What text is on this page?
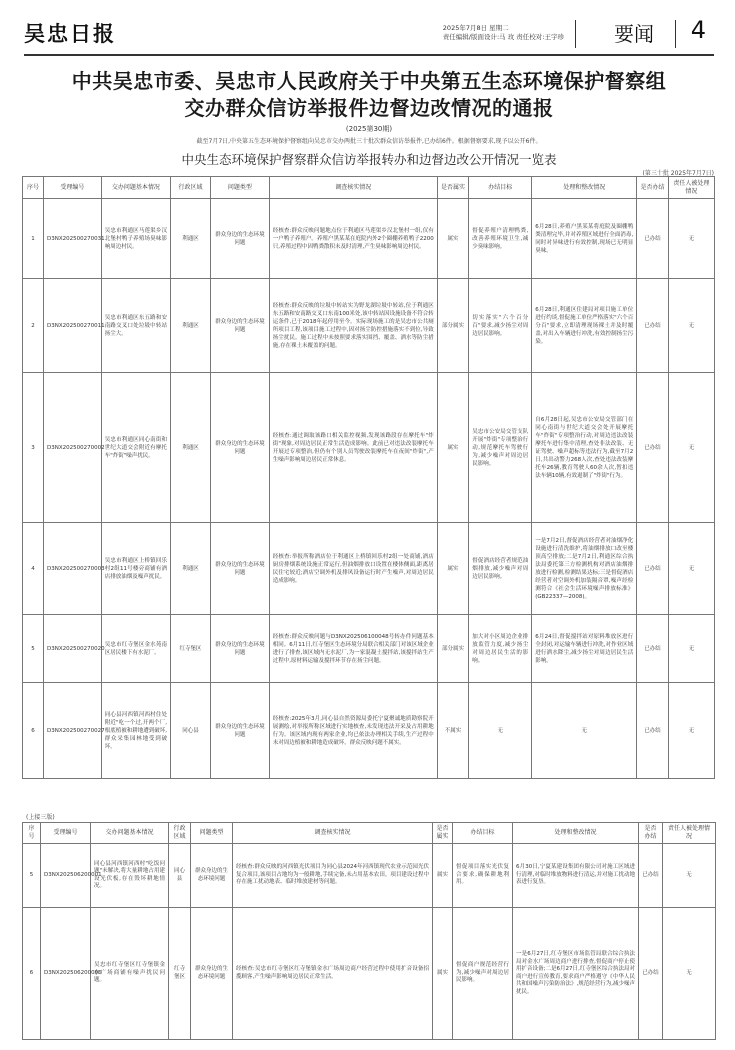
吴忠日报	2025年7月8日 星期二
责任编辑/版面设计:马 玫 责任校对:王宇珍	要闻 4
中共吴忠市委、吴忠市人民政府关于中央第五生态环境保护督察组
交办群众信访举报件边督边改情况的通报
(2025第30期)
截至7月7日,中央第五生态环境保护督察组向吴忠市交办两批三十批次群众信访举报件,已办结6件。根据督察要求,现予以公开6件。
中央生态环境保护督察群众信访举报转办和边督边改公开情况一览表
(第三十批 2025年7月7日)
序号	受理编号	交办问题基本情况	行政区域	问题类型	调查核实情况	是否属实	办结目标	处理和整改情况	是否办结	责任人被处理情况
1	D3NX202500270031	吴忠市利通区马莲渠乡汉北堡村鸭子养殖场臭味影响周边村民。	利通区	群众身边的生态环境问题	经核查:群众反映问题地点位于利通区马莲渠乡汉北堡村一组,仅有一户鸭子养殖户。养殖户黑某某在庭院内外2个圈棚养殖鸭子2200只,养殖过程中因鸭粪散积未及时清理,产生臭味影响周边村民。	属实	督促养殖户清理鸭粪,改善养殖环境卫生,减少臭味影响。	6月28日,养殖户黑某某将庭院及圈棚鸭粪清理完毕,并对养殖区域进行全面消毒,同时对异味进行有效控制,现场已无明显臭味。	已办结	无
2	D3NX202500270011	吴忠市利通区东五路和安南路交叉口处垃圾中转站扬尘大。	利通区	群众身边的生态环境问题	经核查:群众反映的垃圾中转站实为野龙湖垃圾中转站,位于利通区东五路和安南路交叉口东南100米处,该中转站因设施设备不符合转运条件,已于2018年起停用至今。实际现场施工的是吴忠市公共厕所项目工程,该项目施工过程中,因对扬尘防控措施落实不到位,导致扬尘扰民。施工过程中未按照要求落实围挡、覆盖、洒水等防尘措施,存在裸土未覆盖的问题。	部分属实	切实落实"六个百分百"要求,减少扬尘对周边居民影响。	6月28日,利通区住建局对项目施工单位进行约谈,督促施工单位严格落实"六个百分百"要求,立即清理现场裸土并及时覆盖,对出入车辆进行冲洗,有效控制扬尘污染。	已办结	无
3	D3NX202500270002	吴忠市利通区同心南街和世纪大道交会附近有摩托车"炸街"噪声扰民。	利通区	群众身边的生态环境问题	经核查:通过调取该路口相关监控视频,发现该路段存在摩托车"炸街"现象,对周边居民正常生活造成影响。此前已对违法改装摩托车开展过专项整治,但仍有个别人员驾驶改装摩托车在夜间"炸街",产生噪声影响周边居民正常休息。	属实	吴忠市公安局交管支队开展"炸街"专项整治行动,规范摩托车驾驶行为,减少噪声对周边居民影响。	自6月28日起,吴忠市公安局交管部门在同心南街与世纪大道交会处开展摩托车"炸街"专项整治行动,对周边违法改装摩托车进行集中清理,查处非法改装、无证驾驶、噪声超标等违法行为,截至7月2日,共出动警力268人次,查处违法改装摩托车26辆,教育驾驶人60余人次,暂扣违法车辆10辆,有效遏制了"炸街"行为。	已办结	无
4	D3NX202500270003	吴忠市利通区上桥镇回乐村2组11号楼旁商铺有酒店排放油烟及噪声扰民。	利通区	群众身边的生态环境问题	经核查:举报所称酒店位于利通区上桥镇回乐村2组一处商铺,酒店厨房排烟系统设施正常运行,但油烟排放口设置在楼体侧面,距离居民住宅较近;酒店空调外机及排风设备运行时产生噪声,对周边居民造成影响。	属实	督促酒店经营者规范油烟排放,减少噪声对周边居民影响。	一是7月2日,督促酒店经营者对油烟净化设施进行清洗维护,将油烟排放口改至楼顶高空排放;二是7月2日,利通区综合执法局委托第三方检测机构对酒店油烟排放进行检测,检测结果达标;三是督促酒店经营者对空调外机加装隔音罩,噪声经检测符合《社会生活环境噪声排放标准》(GB22337—2008)。	已办结	无
5	D3NX202500270020	吴忠市红寺堡区金水苑南区居民楼下有水泥厂。	红寺堡区	群众身边的生态环境问题	经核查:群众反映问题与D3NX202506100048号转办件问题基本相同。6月11日,红寺堡区生态环境分局联合相关部门对该区域企业进行了排查,该区域内无水泥厂,为一家混凝土搅拌站,该搅拌站生产过程中,原材料运输及搅拌环节存在扬尘问题。	部分属实	加大对小区周边企业排放监管力度,减少扬尘对周边居民生活的影响。	6月24日,督促搅拌站对原料堆放区进行全封闭,对运输车辆进行冲洗,对作业区域进行洒水降尘,减少扬尘对周边居民生活影响。	已办结	无
6	D3NX202500270027	同心县河西镇河西村住处附近"吃一个过,开两个厂,根底植被和耕地遭到破坏,群众采集园林地受到破坏。	同心县	群众身边的生态环境问题	经核查:2025年3月,同心县自然资源局委托宁夏聚诚地质勘察院开展测绘,对举报所称区域进行实地核查,未发现违法开采及占用耕地行为。该区域内现有两家企业,均已依法办理相关手续,生产过程中未对周边植被和耕地造成破坏。群众反映问题不属实。	不属实	无	无	已办结	无
(上接三版)
序号	受理编号	交办问题基本情况	行政区域	问题类型	调查核实情况	是否属实	办结目标	处理和整改情况	是否办结	责任人被处理情况
5	D3NX202506200001	同心县河西镇河西村"吃饭问题"未解决,将大量耕地占用建设光伏板,存在毁坏耕地情况。	同心县	群众身边的生态环境问题	经核查:群众反映的河西镇光伏项目为同心县2024年河西镇现代农业示范园光伏复合项目,该项目占地均为一般耕地,手续完备,未占用基本农田。项目建设过程中存在施工扰动地表、临时堆放建材等问题。	属实	督促项目落实光伏复合要求,确保耕地利用。	6月30日,宁夏某建设集团有限公司对施工区域进行清理,对临时堆放物料进行清运,并对施工扰动地表进行复垦。	已办结	无
6	D3NX202506200006	吴忠市红寺堡区红寺堡镇金水广场商铺有噪声扰民问题。	红寺堡区	群众身边的生态环境问题	经核查:吴忠市红寺堡区红寺堡镇金水广场周边商户经营过程中使用扩音设备招揽顾客,产生噪声影响周边居民正常生活。	属实	督促商户规范经营行为,减少噪声对周边居民影响。	一是6月27日,红寺堡区市场监管局联合综合执法局对金水广场周边商户进行排查,督促商户停止使用扩音设备;二是6月27日,红寺堡区综合执法局对商户进行宣传教育,要求商户严格遵守《中华人民共和国噪声污染防治法》,规范经营行为,减少噪声扰民。	已办结	无
